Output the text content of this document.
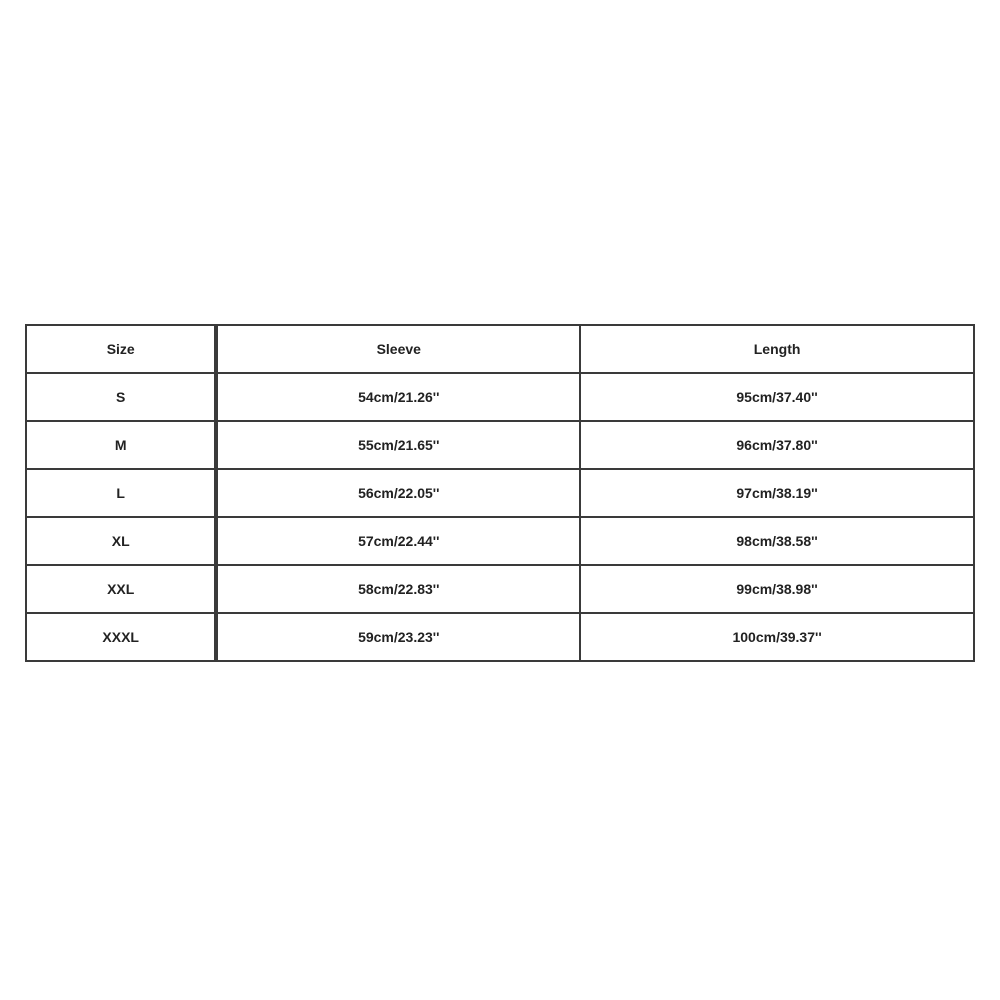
Size	Sleeve	Length
S	54cm/21.26''	95cm/37.40''
M	55cm/21.65''	96cm/37.80''
L	56cm/22.05''	97cm/38.19''
XL	57cm/22.44''	98cm/38.58''
XXL	58cm/22.83''	99cm/38.98''
XXXL	59cm/23.23''	100cm/39.37''
